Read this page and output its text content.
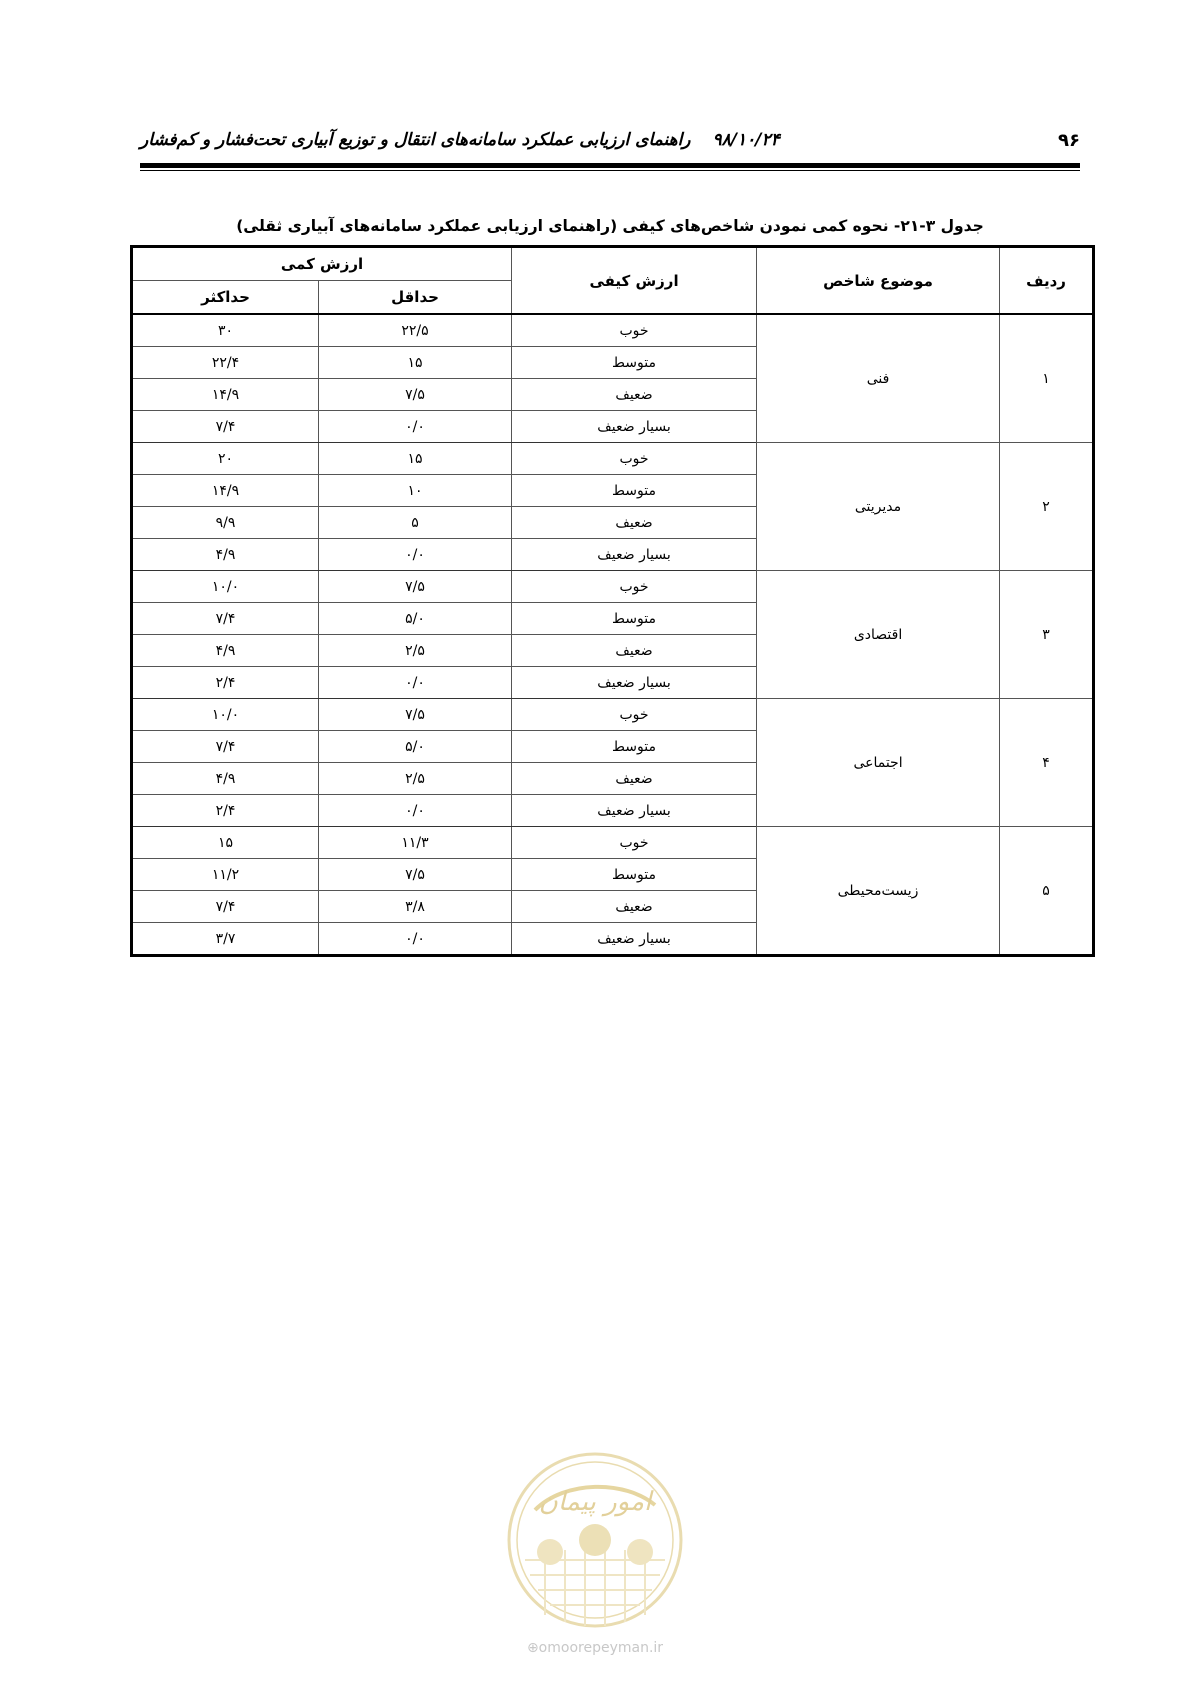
۹۶
۹۸/۱۰/۲۴راهنمای ارزیابی عملکرد سامانه‌های انتقال و توزیع آبیاری تحت‌فشار و کم‌فشار
جدول ۳-۲۱- نحوه کمی نمودن شاخص‌های کیفی (راهنمای ارزیابی عملکرد سامانه‌های آبیاری ثقلی)
ردیف	موضوع شاخص	ارزش کیفی	ارزش کمی	
			حداقل	حداکثر
۱	فنی	خوب	۲۲/۵	۳۰
		متوسط	۱۵	۲۲/۴
		ضعیف	۷/۵	۱۴/۹
		بسیار ضعیف	۰/۰	۷/۴
۲	مدیریتی	خوب	۱۵	۲۰
		متوسط	۱۰	۱۴/۹
		ضعیف	۵	۹/۹
		بسیار ضعیف	۰/۰	۴/۹
۳	اقتصادی	خوب	۷/۵	۱۰/۰
		متوسط	۵/۰	۷/۴
		ضعیف	۲/۵	۴/۹
		بسیار ضعیف	۰/۰	۲/۴
۴	اجتماعی	خوب	۷/۵	۱۰/۰
		متوسط	۵/۰	۷/۴
		ضعیف	۲/۵	۴/۹
		بسیار ضعیف	۰/۰	۲/۴
۵	زیست‌محیطی	خوب	۱۱/۳	۱۵
		متوسط	۷/۵	۱۱/۲
		ضعیف	۳/۸	۷/۴
		بسیار ضعیف	۰/۰	۳/۷
امور پیمان
⊕omoorepeyman.ir
